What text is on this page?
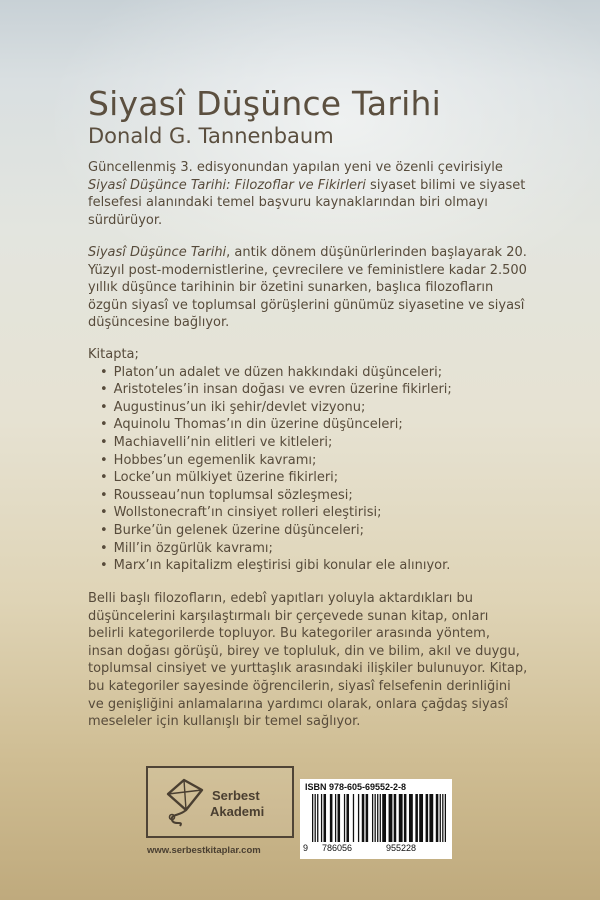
Siyasî Düşünce Tarihi
Donald G. Tannenbaum

Güncellenmiş 3. edisyonundan yapılan yeni ve özenli çevirisiyle
Siyasî Düşünce Tarihi: Filozoflar ve Fikirleri siyaset bilimi ve siyaset felsefesi alanındaki temel başvuru kaynaklarından biri olmayı sürdürüyor.

Siyasî Düşünce Tarihi, antik dönem düşünürlerinden başlayarak 20. Yüzyıl post-modernistlerine, çevrecilere ve feministlere kadar 2.500 yıllık düşünce tarihinin bir özetini sunarken, başlıca filozofların özgün siyasî ve toplumsal görüşlerini günümüz siyasetine ve siyasî düşüncesine bağlıyor.

Kitapta;
• Platon’un adalet ve düzen hakkındaki düşünceleri;
• Aristoteles’in insan doğası ve evren üzerine fikirleri;
• Augustinus’un iki şehir/devlet vizyonu;
• Aquinolu Thomas’ın din üzerine düşünceleri;
• Machiavelli’nin elitleri ve kitleleri;
• Hobbes’un egemenlik kavramı;
• Locke’un mülkiyet üzerine fikirleri;
• Rousseau’nun toplumsal sözleşmesi;
• Wollstonecraft’ın cinsiyet rolleri eleştirisi;
• Burke’ün gelenek üzerine düşünceleri;
• Mill’in özgürlük kavramı;
• Marx’ın kapitalizm eleştirisi gibi konular ele alınıyor.

Belli başlı filozofların, edebî yapıtları yoluyla aktardıkları bu düşüncelerini karşılaştırmalı bir çerçevede sunan kitap, onları belirli kategorilerde topluyor. Bu kategoriler arasında yöntem, insan doğası görüşü, birey ve topluluk, din ve bilim, akıl ve duygu, toplumsal cinsiyet ve yurttaşlık arasındaki ilişkiler bulunuyor. Kitap, bu kategoriler sayesinde öğrencilerin, siyasî felsefenin derinliğini ve genişliğini anlamalarına yardımcı olarak, onlara çağdaş siyasî meseleler için kullanışlı bir temel sağlıyor.

Serbest
Akademi
www.serbestkitaplar.com
ISBN 978-605-69552-2-8
9 786056	955228
